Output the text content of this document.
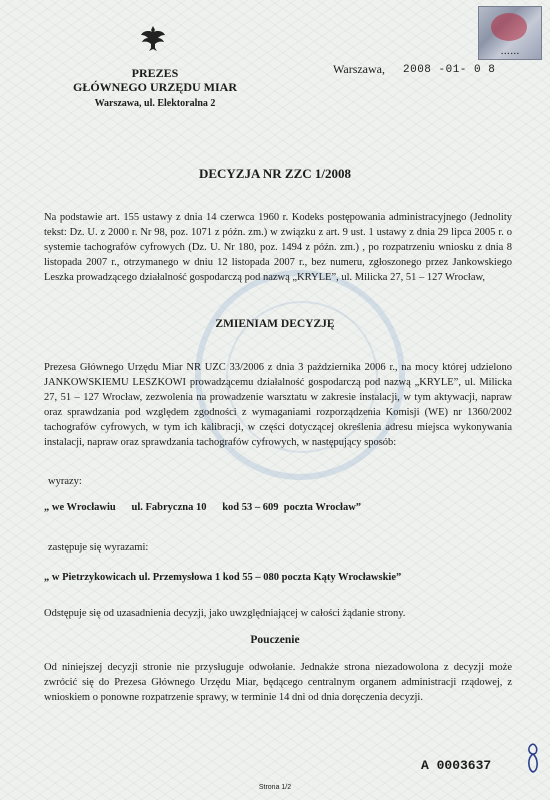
PREZES
GŁÓWNEGO URZĘDU MIAR
Warszawa, ul. Elektoralna 2
Warszawa, 2008 -01- 0 8
▪ ▪ ▪ ▪ ▪ ▪
DECYZJA NR ZZC 1/2008
Na podstawie art. 155 ustawy z dnia 14 czerwca 1960 r. Kodeks postępowania administracyjnego (Jednolity tekst: Dz. U. z 2000 r. Nr 98, poz. 1071 z późn. zm.) w związku z art. 9 ust. 1 ustawy z dnia 29 lipca 2005 r. o systemie tachografów cyfrowych (Dz. U. Nr 180, poz. 1494 z późn. zm.) , po rozpatrzeniu wniosku z dnia 8 listopada 2007 r., otrzymanego w dniu 12 listopada 2007 r., bez numeru, zgłoszonego przez Jankowskiego Leszka prowadzącego działalność gospodarczą pod nazwą „KRYLE”, ul. Milicka 27, 51 – 127 Wrocław,
ZMIENIAM DECYZJĘ
Prezesa Głównego Urzędu Miar NR UZC 33/2006 z dnia 3 października 2006 r., na mocy której udzielono JANKOWSKIEMU LESZKOWI prowadzącemu działalność gospodarczą pod nazwą „KRYLE”, ul. Milicka 27, 51 – 127 Wrocław, zezwolenia na prowadzenie warsztatu w zakresie instalacji, w tym aktywacji, napraw oraz sprawdzania pod względem zgodności z wymaganiami rozporządzenia Komisji (WE) nr 1360/2002 tachografów cyfrowych, w tym ich kalibracji, w części dotyczącej określenia adresu miejsca wykonywania instalacji, napraw oraz sprawdzania tachografów cyfrowych, w następujący sposób:
wyrazy:
„ we Wrocławiu      ul. Fabryczna 10      kod 53 – 609  poczta Wrocław”
zastępuje się wyrazami:
„ w Pietrzykowicach ul. Przemysłowa 1 kod 55 – 080 poczta Kąty Wrocławskie”
Odstępuje się od uzasadnienia decyzji, jako uwzględniającej w całości żądanie strony.
Pouczenie
Od niniejszej decyzji stronie nie przysługuje odwołanie. Jednakże strona niezadowolona z decyzji może zwrócić się do Prezesa Głównego Urzędu Miar, będącego centralnym organem administracji rządowej, z wnioskiem o ponowne rozpatrzenie sprawy, w terminie 14 dni od dnia doręczenia decyzji.
A 0003637
Strona 1/2
